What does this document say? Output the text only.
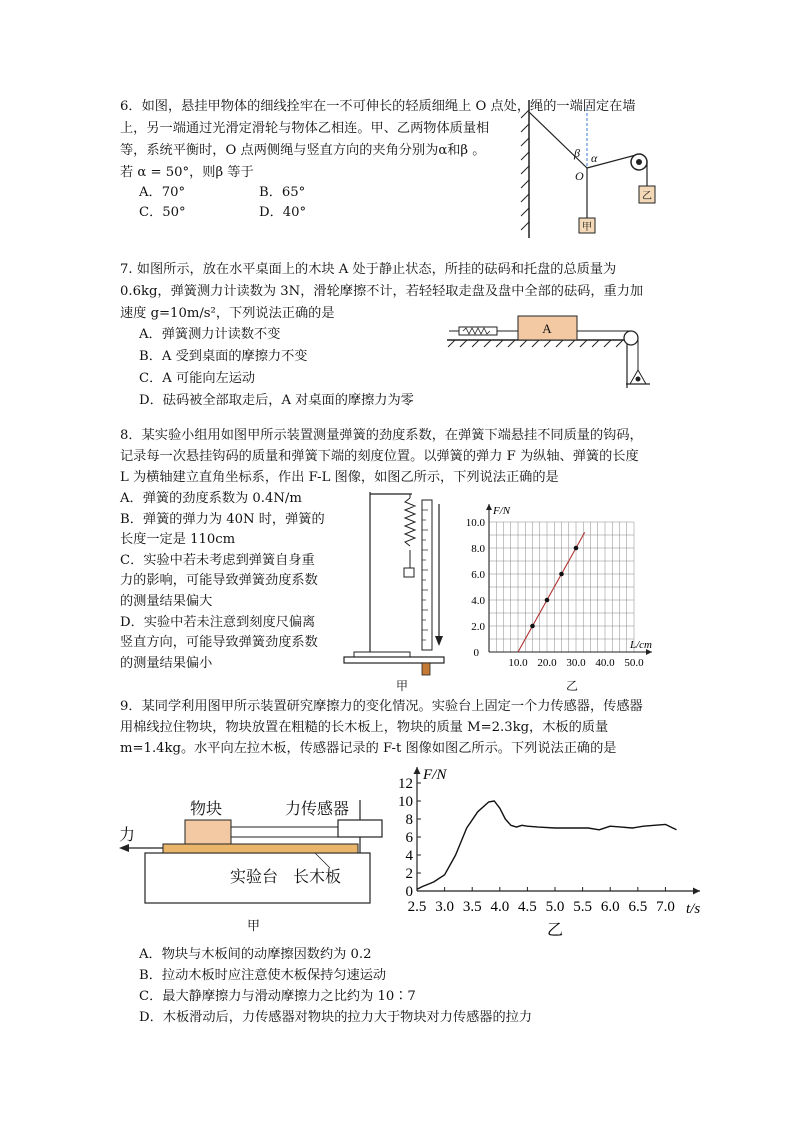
6．如图，悬挂甲物体的细线拴牢在一不可伸长的轻质细绳上 O 点处，绳的一端固定在墙
上，另一端通过光滑定滑轮与物体乙相连。甲、乙两物体质量相
等，系统平衡时，O 点两侧绳与竖直方向的夹角分别为α和β 。
若 α = 50°，则β 等于
A．70°	B．65°
C．50°	D．40°
甲
乙
β α
O
7. 如图所示，放在水平桌面上的木块 A 处于静止状态，所挂的砝码和托盘的总质量为
0.6kg，弹簧测力计读数为 3N，滑轮摩擦不计，若轻轻取走盘及盘中全部的砝码，重力加
速度 g=10m/s²，下列说法正确的是
A．弹簧测力计读数不变
B．A 受到桌面的摩擦力不变
C．A 可能向左运动
D．砝码被全部取走后，A 对桌面的摩擦力为零
A
8．某实验小组用如图甲所示装置测量弹簧的劲度系数，在弹簧下端悬挂不同质量的钩码，
记录每一次悬挂钩码的质量和弹簧下端的刻度位置。以弹簧的弹力 F 为纵轴、弹簧的长度
L 为横轴建立直角坐标系，作出 F-L 图像，如图乙所示，下列说法正确的是
A．弹簧的劲度系数为 0.4N/m
B．弹簧的弹力为 40N 时，弹簧的
长度一定是 110cm
C．实验中若未考虑到弹簧自身重
力的影响，可能导致弹簧劲度系数
的测量结果偏大
D．实验中若未注意到刻度尺偏离
竖直方向，可能导致弹簧劲度系数
的测量结果偏小
甲
0
10.0 20.0 30.0 40.0 50.0
2.0
4.0
6.0
8.0
10.0
F/N
L/cm
乙
9．某同学利用图甲所示装置研究摩擦力的变化情况。实验台上固定一个力传感器，传感器
用棉线拉住物块，物块放置在粗糙的长木板上，物块的质量 M=2.3kg，木板的质量
m=1.4kg。水平向左拉木板，传感器记录的 F-t 图像如图乙所示。下列说法正确的是
物块	力传感器
力
实验台 长木板
甲
0
2
4
6
8
10
12
2.5 3.0 3.5 4.0 4.5 5.0 5.5 6.0 6.5 7.0
F/N
t/s
乙
A．物块与木板间的动摩擦因数约为 0.2
B．拉动木板时应注意使木板保持匀速运动
C．最大静摩擦力与滑动摩擦力之比约为 10∶7
D．木板滑动后，力传感器对物块的拉力大于物块对力传感器的拉力
